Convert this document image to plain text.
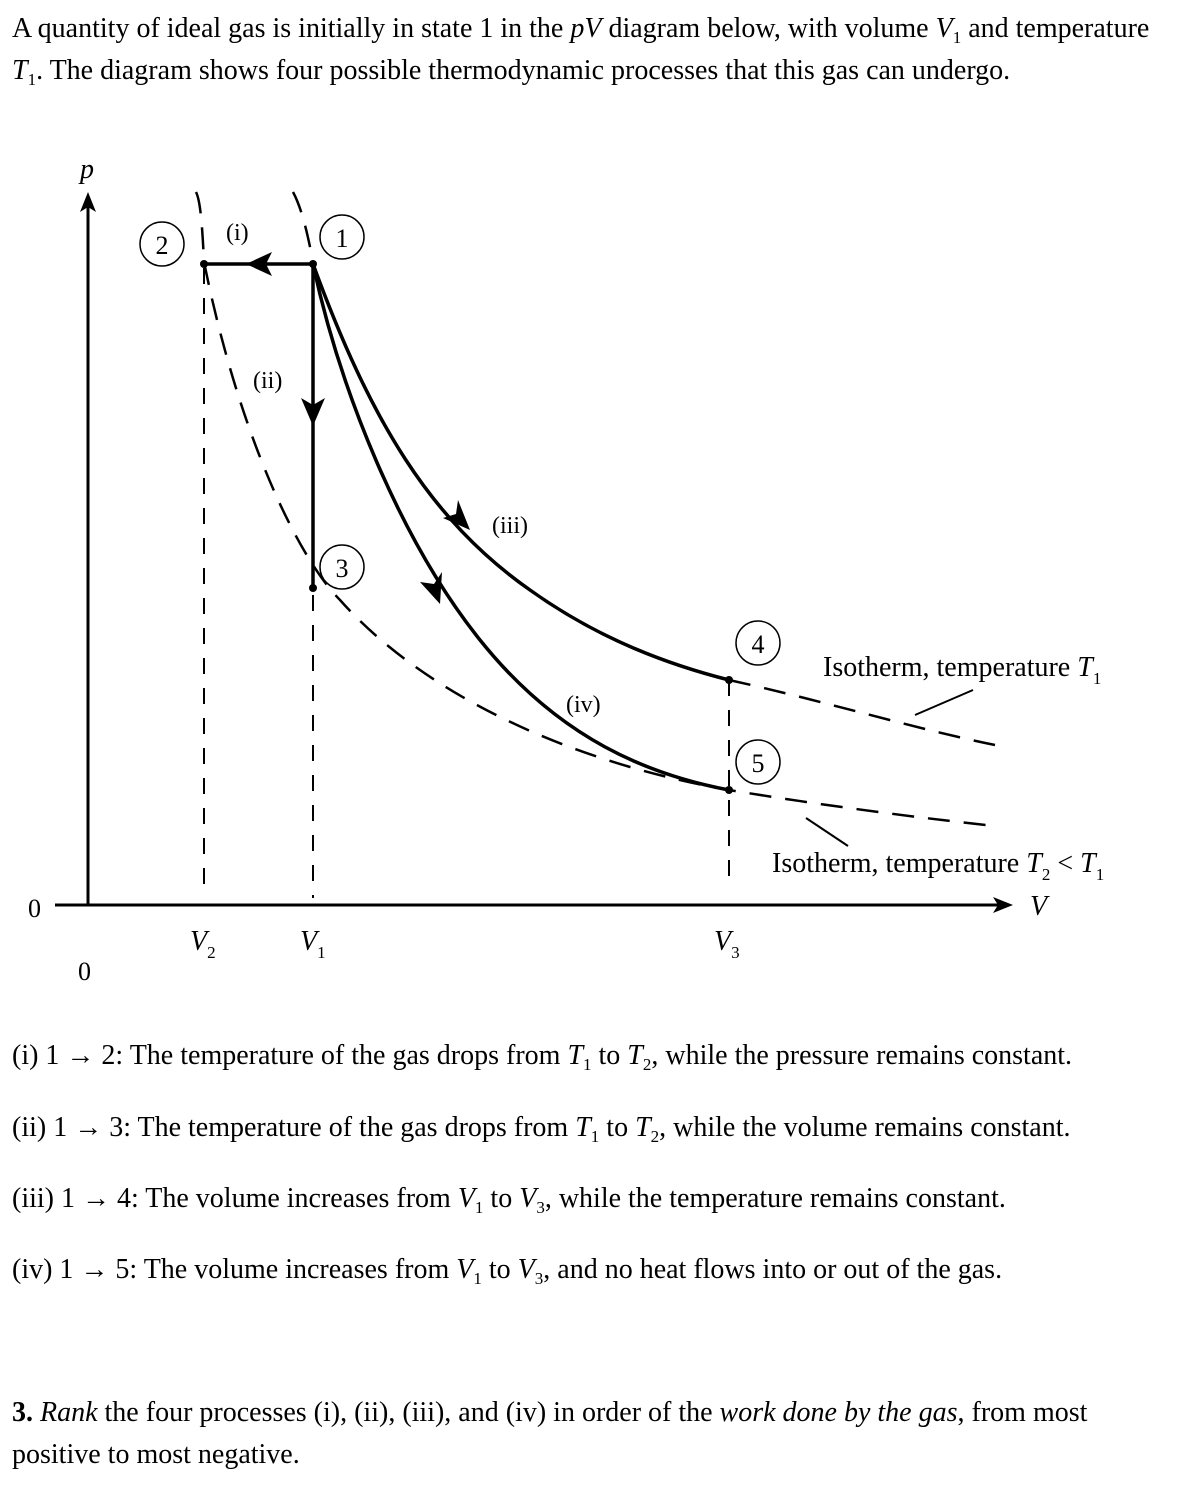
A quantity of ideal gas is initially in state 1 in the pV diagram below, with volume $V_1$ and temperature $T_1$. The diagram shows four possible thermodynamic processes that this gas can undergo.
p
V
0
0
$V_2$	$V_1$	$V_3$
1
2
3
4
5
(i)
(ii)
(iii)
(iv)
Isotherm, temperature $T_1$
Isotherm, temperature $T_2 < T_1$
(i) 1 → 2: The temperature of the gas drops from $T_1$ to $T_2$, while the pressure remains constant.
(ii) 1 → 3: The temperature of the gas drops from $T_1$ to $T_2$, while the volume remains constant.
(iii) 1 → 4: The volume increases from $V_1$ to $V_3$, while the temperature remains constant.
(iv) 1 → 5: The volume increases from $V_1$ to $V_3$, and no heat flows into or out of the gas.
3. Rank the four processes (i), (ii), (iii), and (iv) in order of the work done by the gas, from most positive to most negative.
